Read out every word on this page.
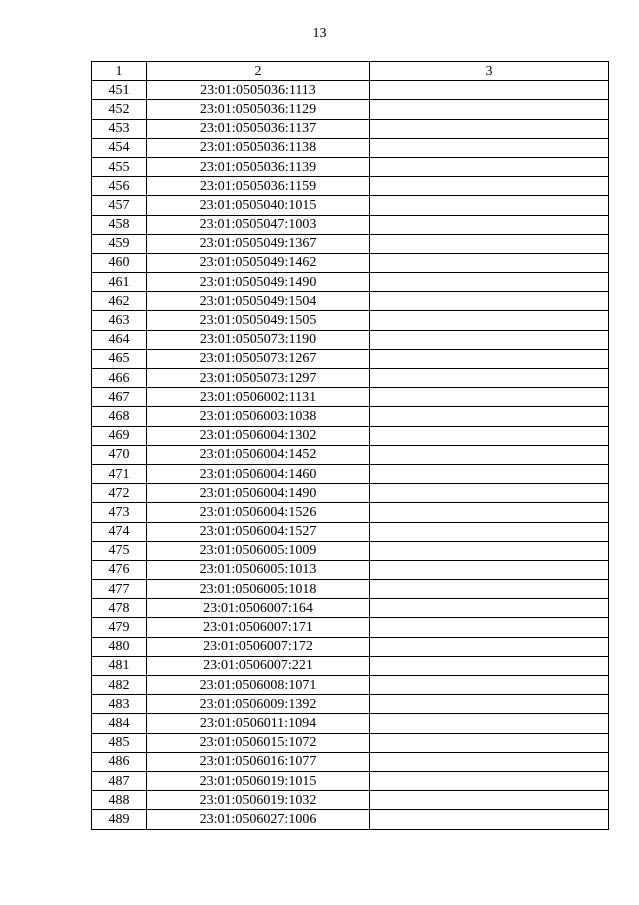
13
1	2	3
451	23:01:0505036:1113	
452	23:01:0505036:1129	
453	23:01:0505036:1137	
454	23:01:0505036:1138	
455	23:01:0505036:1139	
456	23:01:0505036:1159	
457	23:01:0505040:1015	
458	23:01:0505047:1003	
459	23:01:0505049:1367	
460	23:01:0505049:1462	
461	23:01:0505049:1490	
462	23:01:0505049:1504	
463	23:01:0505049:1505	
464	23:01:0505073:1190	
465	23:01:0505073:1267	
466	23:01:0505073:1297	
467	23:01:0506002:1131	
468	23:01:0506003:1038	
469	23:01:0506004:1302	
470	23:01:0506004:1452	
471	23:01:0506004:1460	
472	23:01:0506004:1490	
473	23:01:0506004:1526	
474	23:01:0506004:1527	
475	23:01:0506005:1009	
476	23:01:0506005:1013	
477	23:01:0506005:1018	
478	23:01:0506007:164	
479	23:01:0506007:171	
480	23:01:0506007:172	
481	23:01:0506007:221	
482	23:01:0506008:1071	
483	23:01:0506009:1392	
484	23:01:0506011:1094	
485	23:01:0506015:1072	
486	23:01:0506016:1077	
487	23:01:0506019:1015	
488	23:01:0506019:1032	
489	23:01:0506027:1006	
